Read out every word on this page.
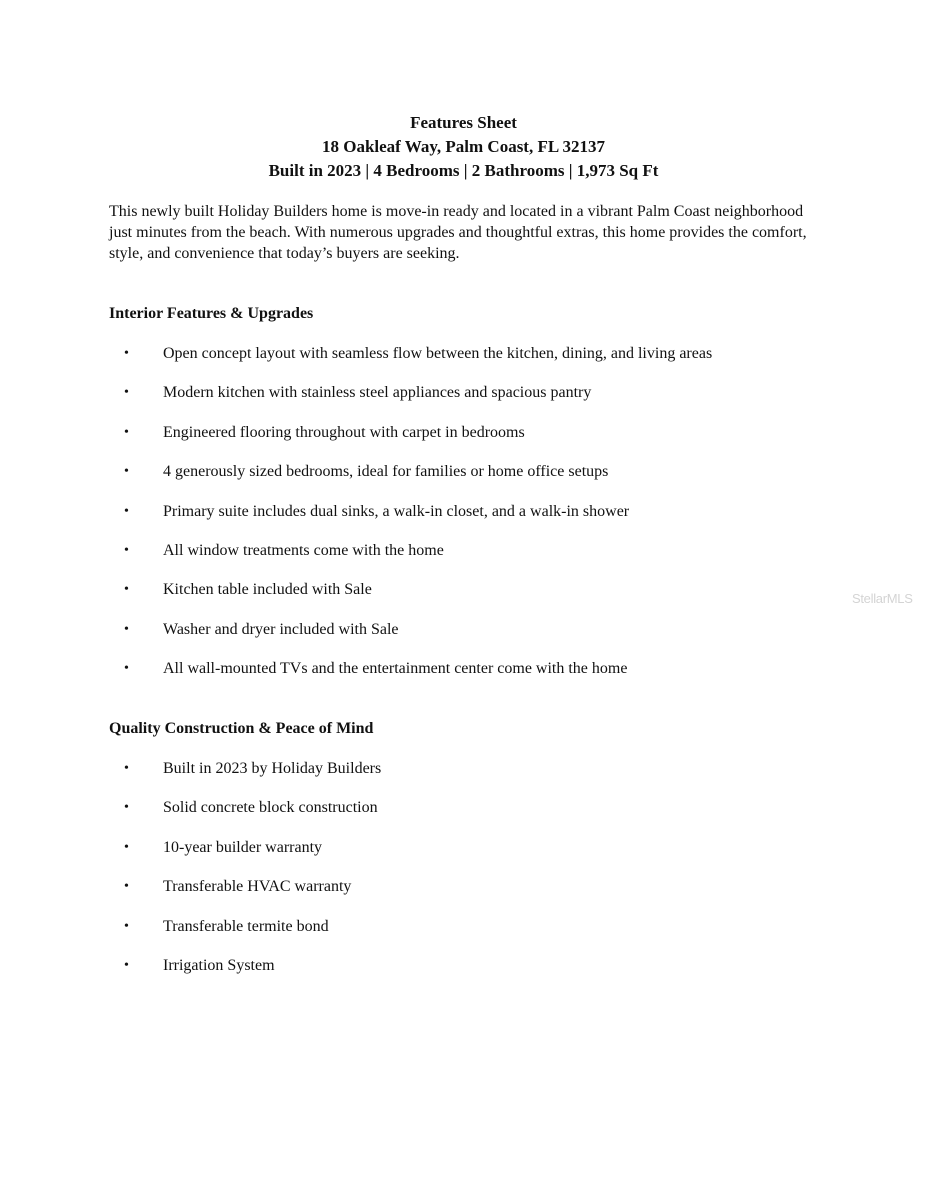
Features Sheet
18 Oakleaf Way, Palm Coast, FL 32137
Built in 2023 | 4 Bedrooms | 2 Bathrooms | 1,973 Sq Ft

This newly built Holiday Builders home is move-in ready and located in a vibrant Palm Coast neighborhood just minutes from the beach. With numerous upgrades and thoughtful extras, this home provides the comfort, style, and convenience that today’s buyers are seeking.

Interior Features & Upgrades
• Open concept layout with seamless flow between the kitchen, dining, and living areas
• Modern kitchen with stainless steel appliances and spacious pantry
• Engineered flooring throughout with carpet in bedrooms
• 4 generously sized bedrooms, ideal for families or home office setups
• Primary suite includes dual sinks, a walk-in closet, and a walk-in shower
• All window treatments come with the home
• Kitchen table included with Sale
• Washer and dryer included with Sale
• All wall-mounted TVs and the entertainment center come with the home
Quality Construction & Peace of Mind
• Built in 2023 by Holiday Builders
• Solid concrete block construction
• 10-year builder warranty
• Transferable HVAC warranty
• Transferable termite bond
• Irrigation System
StellarMLS
